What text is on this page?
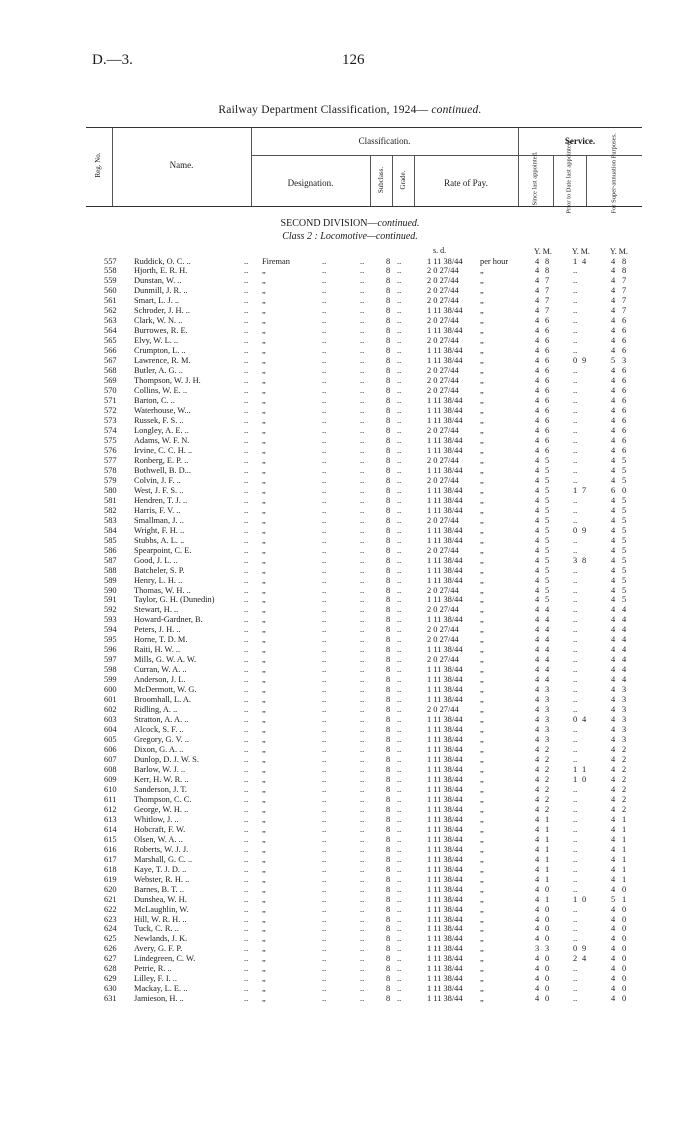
D.—3.	126
Railway Department Classification, 1924— continued.
Reg. No.	Name.
Classification.
Designation.	Subclass. Grade.	Rate of Pay.
Service.
Since last appointed.	Prior to Date last appointed.	For Super-annuation Purposes.
SECOND DIVISION—continued.
Class 2 : Locomotive—continued.
s. d.	Y. M.	Y. M.	Y. M.
557 Ruddick, O. C. ..	.. Fireman	..	..	8 ..	1 11 38/44 per hour	4 8	1 4	4 8
558 Hjorth, E. R. H.	.. „	..	..	8 ..	2 0 27/44	„	4 8	..	4 8
559 Dunstan, W. ..	.. „	..	..	8 ..	2 0 27/44	„	4 7	..	4 7
560 Dunmill, J. R. ..	.. „	..	..	8 ..	2 0 27/44	„	4 7	..	4 7
561 Smart, L. J. ..	.. „	..	..	8 ..	2 0 27/44	„	4 7	..	4 7
562 Schroder, J. H. ..	.. „	..	..	8 ..	1 11 38/44 „	4 7	..	4 7
563 Clark, W. N. ..	.. „	..	..	8 ..	2 0 27/44	„	4 6	..	4 6
564 Burrowes, R. E.	.. „	..	..	8 ..	1 11 38/44 „	4 6	..	4 6
565 Elvy, W. L. ..	.. „	..	..	8 ..	2 0 27/44	„	4 6	..	4 6
566 Crumpton, L. ..	.. „	..	..	8 ..	1 11 38/44 „	4 6	..	4 6
567 Lawrence, R. M.	.. „	..	..	8 ..	1 11 38/44 „	4 6	0 9	5 3
568 Butler, A. G. ..	.. „	..	..	8 ..	2 0 27/44	„	4 6	..	4 6
569 Thompson, W. J. H.	.. „	..	..	8 ..	2 0 27/44	„	4 6	..	4 6
570 Collins, W. E. ..	.. „	..	..	8 ..	2 0 27/44	„	4 6	..	4 6
571 Barton, C. ..	.. „	..	..	8 ..	1 11 38/44 „	4 6	..	4 6
572 Waterhouse, W...	.. „	..	..	8 ..	1 11 38/44 „	4 6	..	4 6
573 Russek, F. S. ..	.. „	..	..	8 ..	1 11 38/44 „	4 6	..	4 6
574 Longley, A. E. ..	.. „	..	..	8 ..	2 0 27/44	„	4 6	..	4 6
575 Adams, W. F. N.	.. „	..	..	8 ..	1 11 38/44 „	4 6	..	4 6
576 Irvine, C. C. H. ..	.. „	..	..	8 ..	1 11 38/44 „	4 6	..	4 6
577 Ronberg, E. P. ..	.. „	..	..	8 ..	2 0 27/44	„	4 5	..	4 5
578 Bothwell, B. D...	.. „	..	..	8 ..	1 11 38/44 „	4 5	..	4 5
579 Colvin, J. F. ..	.. „	..	..	8 ..	2 0 27/44	„	4 5	..	4 5
580 West, J. F. S. ..	.. „	..	..	8 ..	1 11 38/44 „	4 5	1 7	6 0
581 Hendren, T. J. ..	.. „	..	..	8 ..	1 11 38/44 „	4 5	..	4 5
582 Harris, F. V. ..	.. „	..	..	8 ..	1 11 38/44 „	4 5	..	4 5
583 Smallman, J. ..	.. „	..	..	8 ..	2 0 27/44	„	4 5	..	4 5
584 Wright, F. H. ..	.. „	..	..	8 ..	1 11 38/44 „	4 5	0 9	4 5
585 Stubbs, A. L. ..	.. „	..	..	8 ..	1 11 38/44 „	4 5	..	4 5
586 Spearpoint, C. E.	.. „	..	..	8 ..	2 0 27/44	„	4 5	..	4 5
587 Good, J. L. ..	.. „	..	..	8 ..	1 11 38/44 „	4 5	3 8	4 5
588 Batcheler, S. P.	.. „	..	..	8 ..	1 11 38/44 „	4 5	..	4 5
589 Henry, L. H. ..	.. „	..	..	8 ..	1 11 38/44 „	4 5	..	4 5
590 Thomas, W. H. ..	.. „	..	..	8 ..	2 0 27/44	„	4 5	..	4 5
591 Taylor, G. H. (Dunedin)	.. „	..	..	8 ..	1 11 38/44 „	4 5	..	4 5
592 Stewart, H. ..	.. „	..	..	8 ..	2 0 27/44	„	4 4	..	4 4
593 Howard-Gardner, B.	.. „	..	..	8 ..	1 11 38/44 „	4 4	..	4 4
594 Peters, J. H. ..	.. „	..	..	8 ..	2 0 27/44	„	4 4	..	4 4
595 Horne, T. D. M.	.. „	..	..	8 ..	2 0 27/44	„	4 4	..	4 4
596 Raiti, H. W. ..	.. „	..	..	8 ..	1 11 38/44 „	4 4	..	4 4
597 Mills, G. W. A. W.	.. „	..	..	8 ..	2 0 27/44	„	4 4	..	4 4
598 Curran, W. A. ..	.. „	..	..	8 ..	1 11 38/44 „	4 4	..	4 4
599 Anderson, J. L.	.. „	..	..	8 ..	1 11 38/44 „	4 4	..	4 4
600 McDermott, W. G.	.. „	..	..	8 ..	1 11 38/44 „	4 3	..	4 3
601 Broomhall, L. A.	.. „	..	..	8 ..	1 11 38/44 „	4 3	..	4 3
602 Ridling, A. ..	.. „	..	..	8 ..	2 0 27/44	„	4 3	..	4 3
603 Stratton, A. A. ..	.. „	..	..	8 ..	1 11 38/44 „	4 3	0 4	4 3
604 Alcock, S. F. ..	.. „	..	..	8 ..	1 11 38/44 „	4 3	..	4 3
605 Gregory, G. V. ..	.. „	..	..	8 ..	1 11 38/44 „	4 3	..	4 3
606 Dixon, G. A. ..	.. „	..	..	8 ..	1 11 38/44 „	4 2	..	4 2
607 Dunlop, D. J. W. S.	.. „	..	..	8 ..	1 11 38/44 „	4 2	..	4 2
608 Barlow, W. J. ..	.. „	..	..	8 ..	1 11 38/44 „	4 2	1 1	4 2
609 Kerr, H. W. R. ..	.. „	..	..	8 ..	1 11 38/44 „	4 2	1 0	4 2
610 Sanderson, J. T.	.. „	..	..	8 ..	1 11 38/44 „	4 2	..	4 2
611 Thompson, C. C.	.. „	..	..	8 ..	1 11 38/44 „	4 2	..	4 2
612 George, W. H. ..	.. „	..	..	8 ..	1 11 38/44 „	4 2	..	4 2
613 Whitlow, J. ..	.. „	..	..	8 ..	1 11 38/44 „	4 1	..	4 1
614 Hobcraft, F. W.	.. „	..	..	8 ..	1 11 38/44 „	4 1	..	4 1
615 Olsen, W. A. ..	.. „	..	..	8 ..	1 11 38/44 „	4 1	..	4 1
616 Roberts, W. J. J.	.. „	..	..	8 ..	1 11 38/44 „	4 1	..	4 1
617 Marshall, G. C. ..	.. „	..	..	8 ..	1 11 38/44 „	4 1	..	4 1
618 Kaye, T. J. D. ..	.. „	..	..	8 ..	1 11 38/44 „	4 1	..	4 1
619 Webster, R. H. ..	.. „	..	..	8 ..	1 11 38/44 „	4 1	..	4 1
620 Barnes, B. T. ..	.. „	..	..	8 ..	1 11 38/44 „	4 0	..	4 0
621 Dunshea, W. H.	.. „	..	..	8 ..	1 11 38/44 „	4 1	1 0	5 1
622 McLaughlin, W.	.. „	..	..	8 ..	1 11 38/44 „	4 0	..	4 0
623 Hill, W. R. H. ..	.. „	..	..	8 ..	1 11 38/44 „	4 0	..	4 0
624 Tuck, C. R. ..	.. „	..	..	8 ..	1 11 38/44 „	4 0	..	4 0
625 Newlands, J. K.	.. „	..	..	8 ..	1 11 38/44 „	4 0	..	4 0
626 Avery, G. F. P.	.. „	..	..	8 ..	1 11 38/44 „	3 3	0 9	4 0
627 Lindegreen, C. W.	.. „	..	..	8 ..	1 11 38/44 „	4 0	2 4	4 0
628 Petrie, R. ..	.. „	..	..	8 ..	1 11 38/44 „	4 0	..	4 0
629 Lilley, F. I. ..	.. „	..	..	8 ..	1 11 38/44 „	4 0	..	4 0
630 Mackay, L. E. ..	.. „	..	..	8 ..	1 11 38/44 „	4 0	..	4 0
631 Jamieson, H. ..	.. „	..	..	8 ..	1 11 38/44 „	4 0	..	4 0
